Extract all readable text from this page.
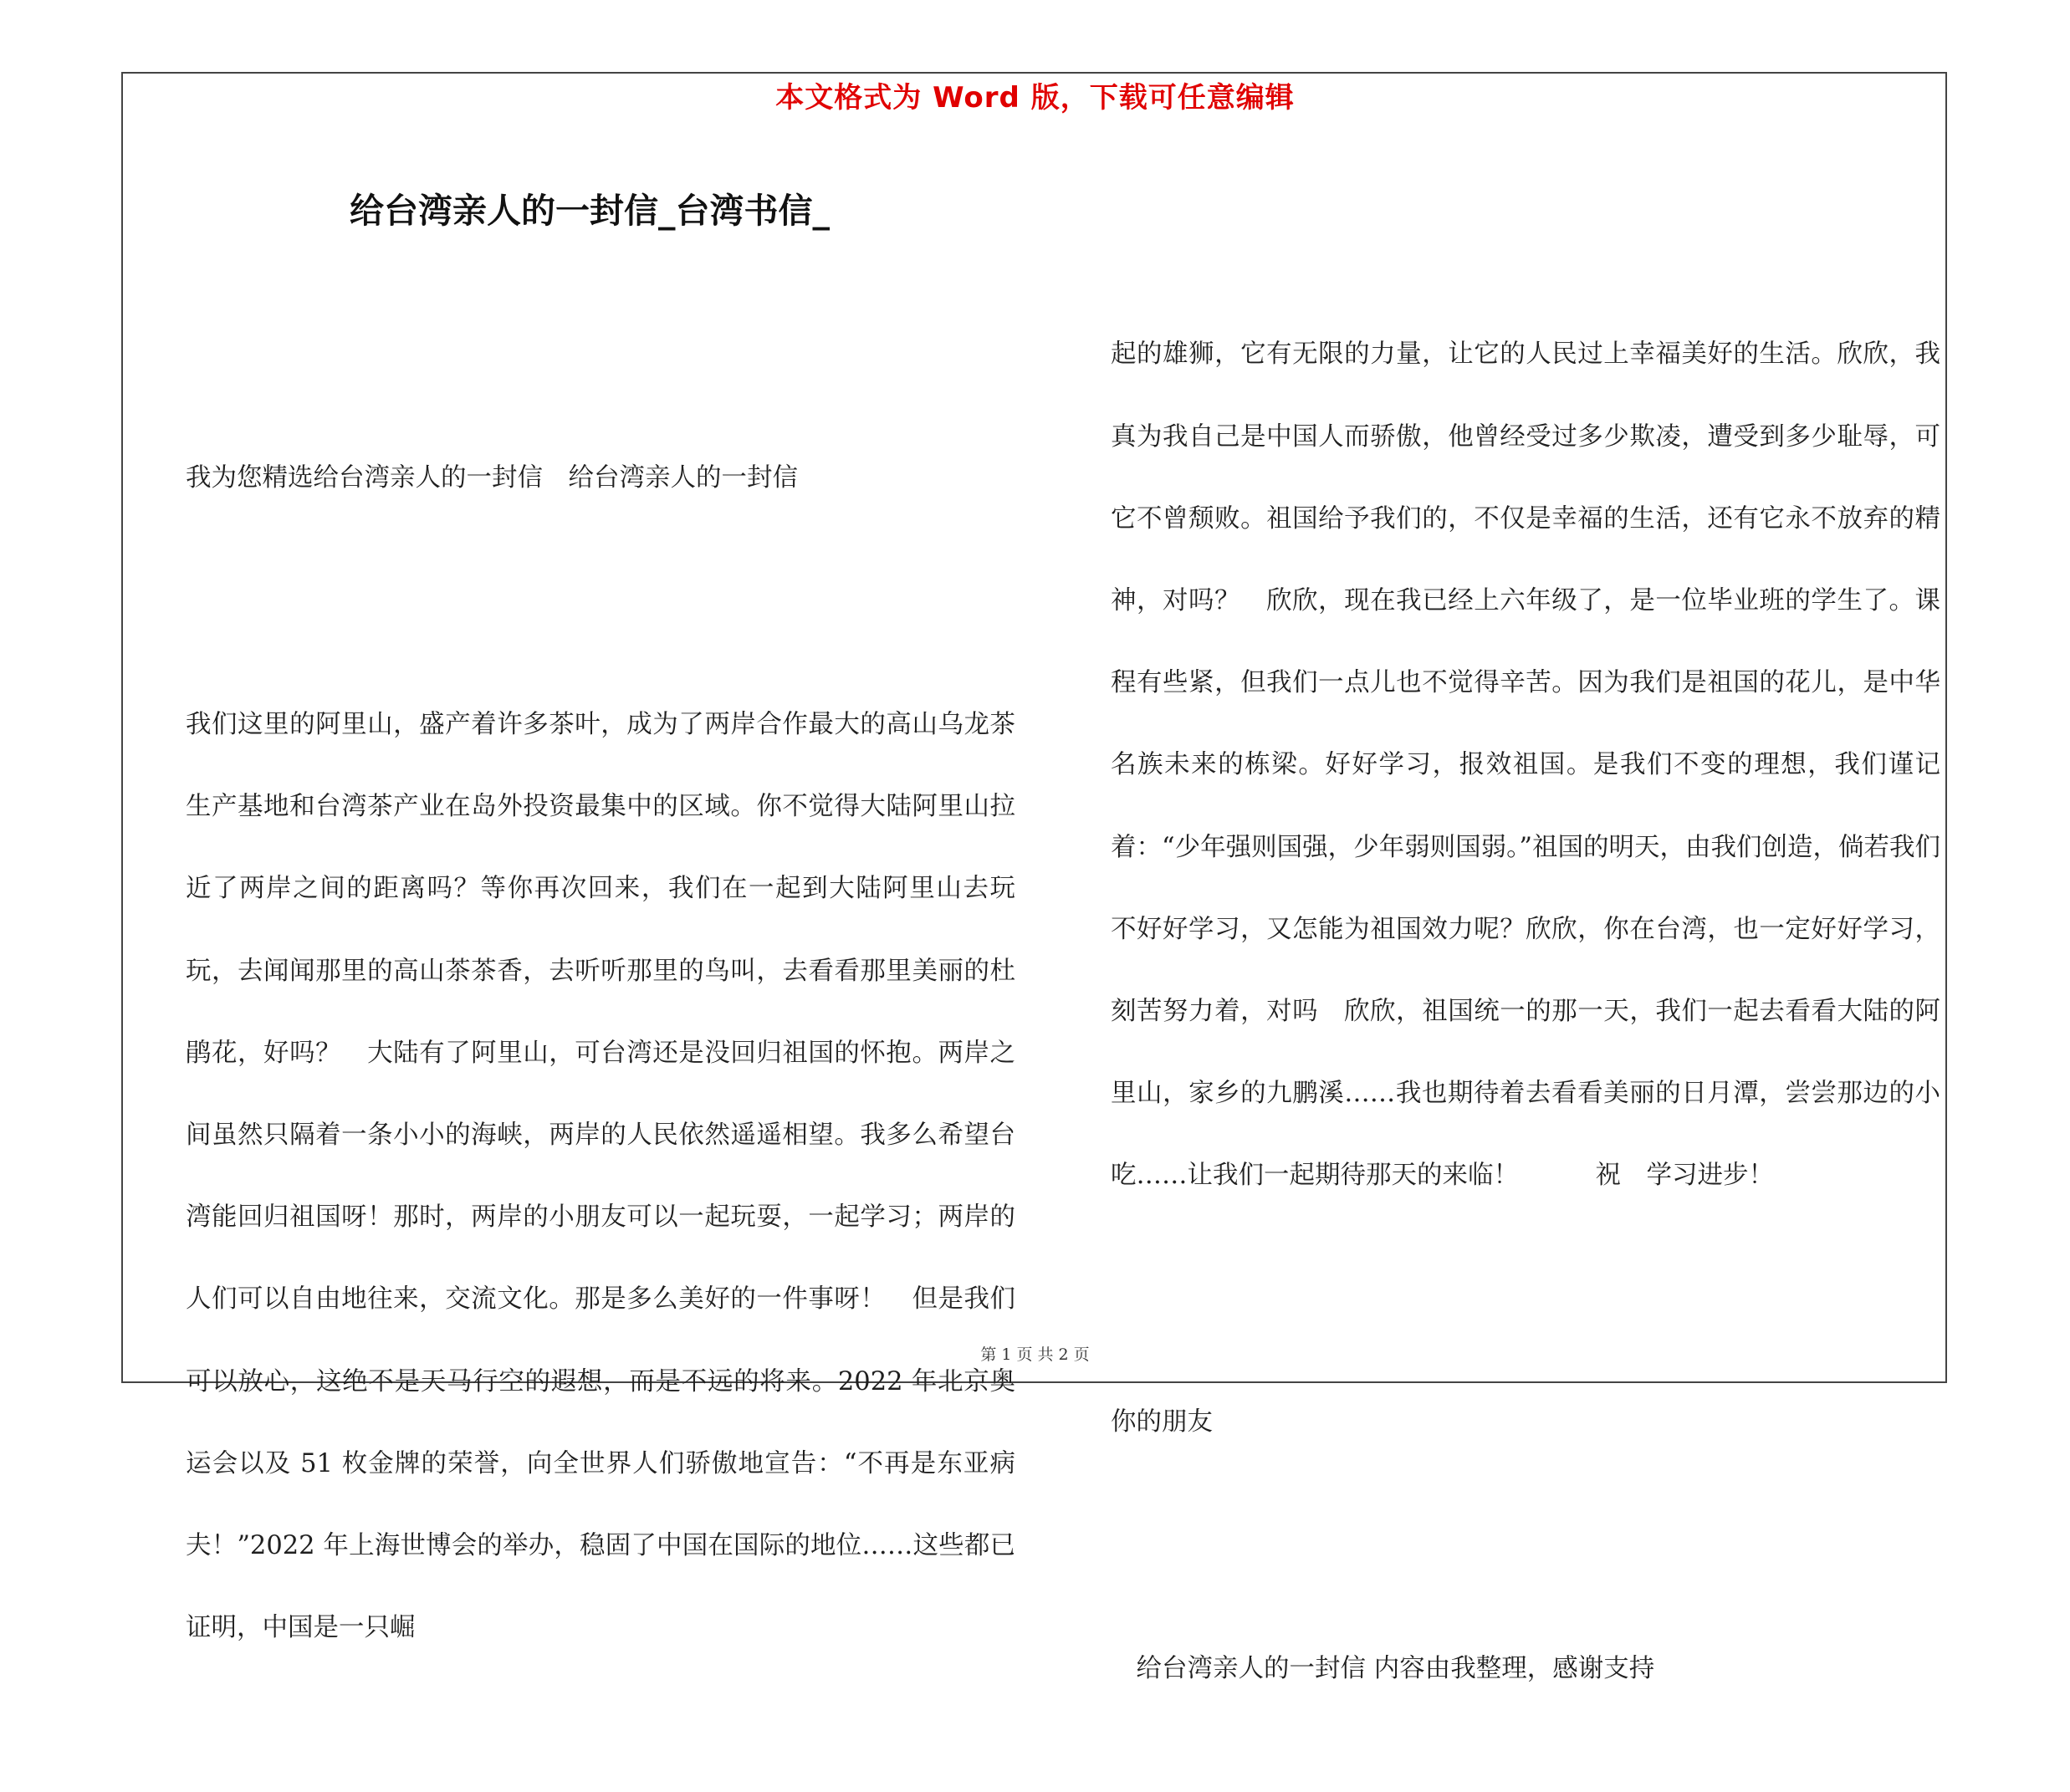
本文格式为 Word 版，下载可任意编辑
给台湾亲人的一封信_台湾书信_

我为您精选给台湾亲人的一封信　给台湾亲人的一封信

我们这里的阿里山，盛产着许多茶叶，成为了两岸合作最大的高山乌龙茶生产基地和台湾茶产业在岛外投资最集中的区域。你不觉得大陆阿里山拉近了两岸之间的距离吗？等你再次回来，我们在一起到大陆阿里山去玩玩，去闻闻那里的高山茶茶香，去听听那里的鸟叫，去看看那里美丽的杜鹃花，好吗？　大陆有了阿里山，可台湾还是没回归祖国的怀抱。两岸之间虽然只隔着一条小小的海峡，两岸的人民依然遥遥相望。我多么希望台湾能回归祖国呀！那时，两岸的小朋友可以一起玩耍，一起学习；两岸的人们可以自由地往来，交流文化。那是多么美好的一件事呀！　但是我们可以放心，这绝不是天马行空的遐想，而是不远的将来。2022 年北京奥运会以及 51 枚金牌的荣誉，向全世界人们骄傲地宣告：“不再是东亚病夫！”2022 年上海世博会的举办，稳固了中国在国际的地位……这些都已证明，中国是一只崛

起的雄狮，它有无限的力量，让它的人民过上幸福美好的生活。欣欣，我真为我自己是中国人而骄傲，他曾经受过多少欺凌，遭受到多少耻辱，可它不曾颓败。祖国给予我们的，不仅是幸福的生活，还有它永不放弃的精神，对吗？　欣欣，现在我已经上六年级了，是一位毕业班的学生了。课程有些紧，但我们一点儿也不觉得辛苦。因为我们是祖国的花儿，是中华名族未来的栋梁。好好学习，报效祖国。是我们不变的理想，我们谨记着：“少年强则国强，少年弱则国弱。”祖国的明天，由我们创造，倘若我们不好好学习，又怎能为祖国效力呢？欣欣，你在台湾，也一定好好学习，刻苦努力着，对吗　欣欣，祖国统一的那一天，我们一起去看看大陆的阿里山，家乡的九鹏溪……我也期待着去看看美丽的日月潭，尝尝那边的小吃……让我们一起期待那天的来临！　　　祝　学习进步！

你的朋友

　给台湾亲人的一封信 内容由我整理，感谢支持

第 1 页 共 2 页
